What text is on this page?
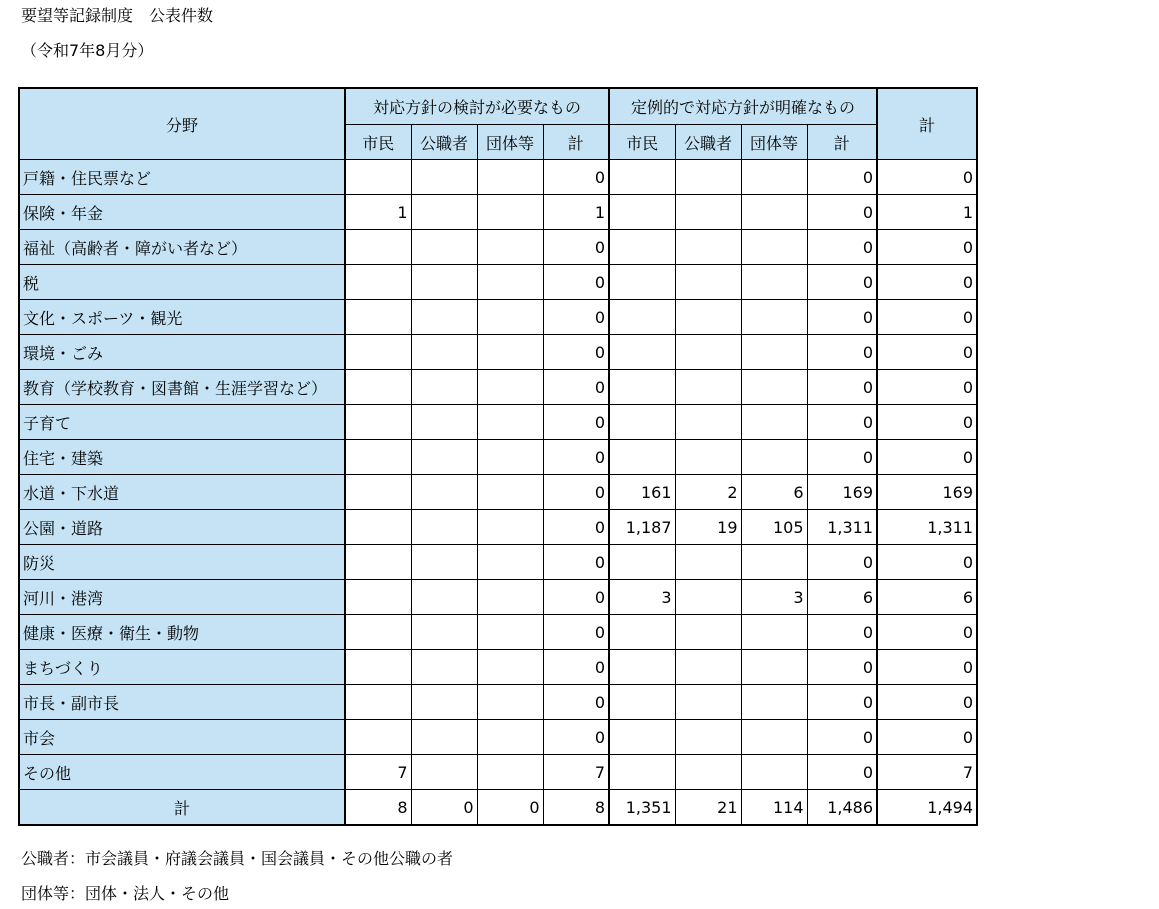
要望等記録制度　公表件数
（令和7年8月分）
分野	対応方針の検討が必要なもの				定例的で対応方針が明確なもの				計
	市民	公職者	団体等	計	市民	公職者	団体等	計	
戸籍・住民票など				0				0	0
保険・年金	1			1				0	1
福祉（高齢者・障がい者など）				0				0	0
税				0				0	0
文化・スポーツ・観光				0				0	0
環境・ごみ				0				0	0
教育（学校教育・図書館・生涯学習など）				0				0	0
子育て				0				0	0
住宅・建築				0				0	0
水道・下水道				0	161	2	6	169	169
公園・道路				0	1,187	19	105	1,311	1,311
防災				0				0	0
河川・港湾				0	3		3	6	6
健康・医療・衛生・動物				0				0	0
まちづくり				0				0	0
市長・副市長				0				0	0
市会				0				0	0
その他	7			7				0	7
計	8	0	0	8	1,351	21	114	1,486	1,494
公職者：市会議員・府議会議員・国会議員・その他公職の者
団体等：団体・法人・その他
